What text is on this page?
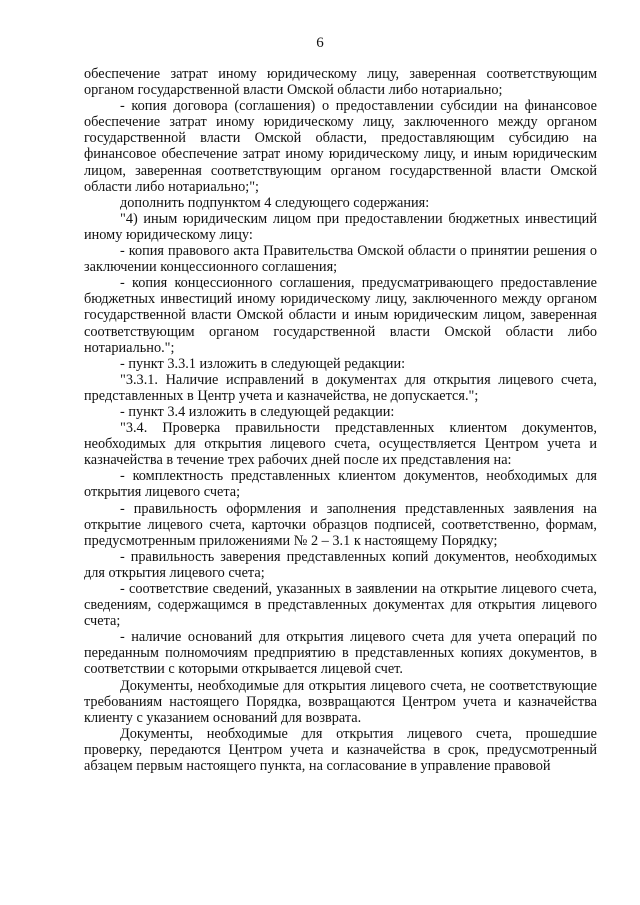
6

обеспечение затрат иному юридическому лицу, заверенная соответствующим органом государственной власти Омской области либо нотариально;

- копия договора (соглашения) о предоставлении субсидии на финансовое обеспечение затрат иному юридическому лицу, заключенного между органом государственной власти Омской области, предоставляющим субсидию на финансовое обеспечение затрат иному юридическому лицу, и иным юридическим лицом, заверенная соответствующим органом государственной власти Омской области либо нотариально;";

дополнить подпунктом 4 следующего содержания:

"4) иным юридическим лицом при предоставлении бюджетных инвестиций иному юридическому лицу:

- копия правового акта Правительства Омской области о принятии решения о заключении концессионного соглашения;

- копия концессионного соглашения, предусматривающего предоставление бюджетных инвестиций иному юридическому лицу, заключенного между органом государственной власти Омской области и иным юридическим лицом, заверенная соответствующим органом государственной власти Омской области либо нотариально.";

- пункт 3.3.1 изложить в следующей редакции:

"3.3.1. Наличие исправлений в документах для открытия лицевого счета, представленных в Центр учета и казначейства, не допускается.";

- пункт 3.4 изложить в следующей редакции:

"3.4. Проверка правильности представленных клиентом документов, необходимых для открытия лицевого счета, осуществляется Центром учета и казначейства в течение трех рабочих дней после их представления на:

- комплектность представленных клиентом документов, необходимых для открытия лицевого счета;

- правильность оформления и заполнения представленных заявления на открытие лицевого счета, карточки образцов подписей, соответственно, формам, предусмотренным приложениями № 2 – 3.1 к настоящему Порядку;

- правильность заверения представленных копий документов, необходимых для открытия лицевого счета;

- соответствие сведений, указанных в заявлении на открытие лицевого счета, сведениям, содержащимся в представленных документах для открытия лицевого счета;

- наличие оснований для открытия лицевого счета для учета операций по переданным полномочиям предприятию в представленных копиях документов, в соответствии с которыми открывается лицевой счет.

Документы, необходимые для открытия лицевого счета, не соответствующие требованиям настоящего Порядка, возвращаются Центром учета и казначейства клиенту с указанием оснований для возврата.

Документы, необходимые для открытия лицевого счета, прошедшие проверку, передаются Центром учета и казначейства в срок, предусмотренный абзацем первым настоящего пункта, на согласование в управление правовой
